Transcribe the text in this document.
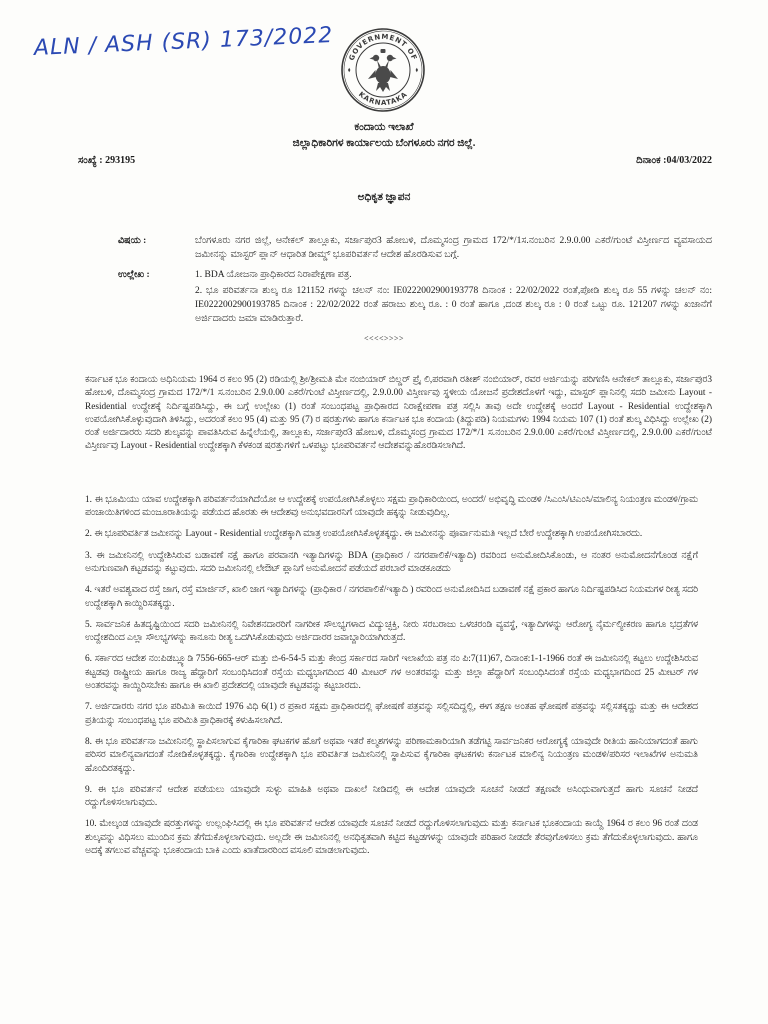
ALN / ASH (SR) 173/2022 GOVERNMENT OF
KARNATAKA
ಕಂದಾಯ ಇಲಾಖೆ
ಜಿಲ್ಲಾಧಿಕಾರಿಗಳ ಕಾರ್ಯಾಲಯ ಬೆಂಗಳೂರು ನಗರ ಜಿಲ್ಲೆ.
ಸಂಖ್ಯೆ : 293195	ದಿನಾಂಕ :04/03/2022
ಅಧಿಕೃತ ಜ್ಞಾಪನ
ವಿಷಯ :	ಬೆಂಗಳೂರು ನಗರ ಜಿಲ್ಲೆ, ಆನೇಕಲ್ ತಾಲ್ಲೂಕು, ಸರ್ಜಾಪುರ3 ಹೋಬಳಿ, ದೊಮ್ಮಸಂದ್ರ ಗ್ರಾಮದ 172/*/1ಸ.ನಂಬರಿನ 2.9.0.00 ಎಕರೆ/ಗುಂಟೆ ವಿಸ್ತೀರ್ಣದ ವ್ಯವಸಾಯದ ಜಮೀನನ್ನು ಮಾಸ್ಟರ್ ಪ್ಲಾನ್ ಆಧಾರಿತ ಡೀಮ್ಡ್ ಭೂಪರಿವರ್ತನೆ ಆದೇಶ ಹೊರಡಿಸುವ ಬಗ್ಗೆ.
ಉಲ್ಲೇಖ :	1. BDA ಯೋಜನಾ ಪ್ರಾಧಿಕಾರದ ನಿರಾಪೇಕ್ಷಣಾ ಪತ್ರ.

2. ಭೂ ಪರಿವರ್ತನಾ ಶುಲ್ಕ ರೂ 121152 ಗಳನ್ನು ಚಲನ್ ನಂ: IE0222002900193778 ದಿನಾಂಕ : 22/02/2022 ರಂತೆ,ಪೋಡಿ ಶುಲ್ಕ ರೂ 55 ಗಳನ್ನು ಚಲನ್ ನಂ: IE0222002900193785 ದಿನಾಂಕ : 22/02/2022 ರಂತೆ ಹರಾಜು ಶುಲ್ಕ ರೂ. : 0 ರಂತೆ ಹಾಗೂ ,ದಂಡ ಶುಲ್ಕ ರೂ : 0 ರಂತೆ ಒಟ್ಟು ರೂ. 121207 ಗಳನ್ನು ಖಜಾನೆಗೆ ಅರ್ಜಿದಾದರು ಜಮಾ ಮಾಡಿರುತ್ತಾರೆ.

<<<<>>>>

ಕರ್ನಾಟಕ ಭೂ ಕಂದಾಯ ಅಧಿನಿಯಮ 1964 ರ ಕಲಂ 95 (2) ರಡಿಯಲ್ಲಿ ಶ್ರೀ/ಶ್ರೀಮತಿ ಮೇ ನಂಬಿಯಾರ್ ಬಿಲ್ಡರ್ ಪ್ರೈ ಲಿ,ಪರವಾಗಿ ರತೀಶ್ ನಂಬಿಯಾರ್, ರವರ ಅರ್ಜಿಯನ್ನು ಪರಿಗಣಿಸಿ ಆನೇಕಲ್ ತಾಲ್ಲೂಕು, ಸರ್ಜಾಪುರ3 ಹೋಬಳಿ, ದೊಮ್ಮಸಂದ್ರ ಗ್ರಾಮದ 172/*/1 ಸ.ನಂಬರಿನ 2.9.0.00 ಎಕರೆ/ಗುಂಟೆ ವಿಸ್ತೀರ್ಣದಲ್ಲಿ, 2.9.0.00 ವಿಸ್ತೀರ್ಣವು ಸ್ಥಳೀಯ ಯೋಜನೆ ಪ್ರದೇಶದೊಳಗೆ ಇದ್ದು, ಮಾಸ್ಟರ್ ಪ್ಲಾನಿನಲ್ಲಿ ಸದರಿ ಜಮೀನು Layout - Residential ಉದ್ದೇಶಕ್ಕೆ ನಿರ್ದಿಷ್ಟಪಡಿಸಿದ್ದು, ಈ ಬಗ್ಗೆ ಉಲ್ಲೇಖ (1) ರಂತೆ ಸಂಬಂಧಪಟ್ಟ ಪ್ರಾಧಿಕಾರದ ನಿರಾಕ್ಷೇಪಣಾ ಪತ್ರ ಸಲ್ಲಿಸಿ ತಾವು ಅದೇ ಉದ್ದೇಶಕ್ಕೆ ಅಂದರೆ Layout - Residential ಉದ್ದೇಶಕ್ಕಾಗಿ ಉಪಯೋಗಿಸಿಕೊಳ್ಳುವುದಾಗಿ ತಿಳಿಸಿದ್ದು, ಅದರಂತೆ ಕಲಂ 95 (4) ಮತ್ತು 95 (7) ರ ಷರತ್ತುಗಳು ಹಾಗೂ ಕರ್ನಾಟಕ ಭೂ ಕಂದಾಯ (ತಿದ್ದುಪಡಿ) ನಿಯಮಗಳು 1994 ನಿಯಮ 107 (1) ರಂತೆ ಶುಲ್ಕ ವಿಧಿಸಿದ್ದು ಉಲ್ಲೇಖ (2) ರಂತೆ ಅರ್ಜಿದಾರರು ಸದರಿ ಶುಲ್ಕವನ್ನು ಪಾವತಿಸಿರುವ ಹಿನ್ನೆಲೆಯಲ್ಲಿ, ತಾಲ್ಲೂಕು, ಸರ್ಜಾಪುರ3 ಹೋಬಳಿ, ದೊಮ್ಮಸಂದ್ರ ಗ್ರಾಮದ 172/*/1 ಸ.ನಂಬರಿನ 2.9.0.00 ಎಕರೆ/ಗುಂಟೆ ವಿಸ್ತೀರ್ಣದಲ್ಲಿ, 2.9.0.00 ಎಕರೆ/ಗುಂಟೆ ವಿಸ್ತೀರ್ಣವು Layout - Residential ಉದ್ದೇಶಕ್ಕಾಗಿ ಕೆಳಕಂಡ ಷರತ್ತುಗಳಿಗೆ ಒಳಪಟ್ಟು ಭೂಪರಿವರ್ತನೆ ಆದೇಶವನ್ನುಹೊರಡಿಸಲಾಗಿದೆ.

1. ಈ ಭೂಮಿಯು ಯಾವ ಉದ್ದೇಶಕ್ಕಾಗಿ ಪರಿವರ್ತನೆಯಾಗಿದೆಯೋ ಆ ಉದ್ದೇಶಕ್ಕೆ ಉಪಯೋಗಿಸಿಕೊಳ್ಳಲು ಸಕ್ಷಮ ಪ್ರಾಧಿಕಾರಿಯಿಂದ, ಅಂದರೆ/ ಅಭಿವೃದ್ಧಿ ಮಂಡಳಿ /ಸಿಎಂಸಿ/ಟಿಎಂಸಿ/ಮಾಲಿನ್ಯ ನಿಯಂತ್ರಣ ಮಂಡಳಿ/ಗ್ರಾಮ ಪಂಚಾಯಿತಿಗಳಿಂದ ಮಂಜೂರಾತಿಯನ್ನು ಪಡೆಯದ ಹೊರತು ಈ ಆದೇಶವು ಅನುಭವದಾರನಿಗೆ ಯಾವುದೇ ಹಕ್ಕನ್ನು ನೀಡುವುದಿಲ್ಲ.

2. ಈ ಭೂಪರಿವರ್ತಿತ ಜಮೀನನ್ನು Layout - Residential ಉದ್ದೇಶಕ್ಕಾಗಿ ಮಾತ್ರ ಉಪಯೋಗಿಸಿಕೊಳ್ಳತಕ್ಕದ್ದು. ಈ ಜಮೀನನ್ನು ಪೂರ್ವಾನುಮತಿ ಇಲ್ಲದೆ ಬೇರೆ ಉದ್ದೇಶಕ್ಕಾಗಿ ಉಪಯೋಗಿಸಬಾರದು.

3. ಈ ಜಮೀನಿನಲ್ಲಿ ಉದ್ದೇಶಿಸಿರುವ ಬಡಾವಣೆ ನಕ್ಷೆ ಹಾಗೂ ಪರವಾನಗಿ ಇತ್ಯಾದಿಗಳನ್ನು BDA (ಪ್ರಾಧಿಕಾರ / ನಗರಪಾಲಿಕೆ/ಇತ್ಯಾದಿ) ರವರಿಂದ ಅನುಮೋದಿಸಿಕೊಂಡು, ಆ ನಂತರ ಅನುಮೋದನೆಗೊಂಡ ನಕ್ಷೆಗೆ ಅನುಗುಣವಾಗಿ ಕಟ್ಟಡವನ್ನು ಕಟ್ಟುವುದು. ಸದರಿ ಜಮೀನಿನಲ್ಲಿ ಲೇಔಟ್ ಪ್ಲಾನಿಗೆ ಅನುಮೋದನೆ ಪಡೆಯದೆ ಪರಬಾರೆ ಮಾಡಕೂಡದು

4. ಇತರೆ ಅವಶ್ಯವಾದ ರಸ್ತೆ ಜಾಗ, ರಸ್ತೆ ಮಾರ್ಜಿನ್, ಖಾಲಿ ಜಾಗ ಇತ್ಯಾದಿಗಳನ್ನು (ಪ್ರಾಧಿಕಾರ / ನಗರಪಾಲಿಕೆ/ಇತ್ಯಾದಿ ) ರವರಿಂದ ಅನುಮೋದಿಸಿದ ಬಡಾವಣೆ ನಕ್ಷೆ ಪ್ರಕಾರ ಹಾಗೂ ನಿರ್ದಿಷ್ಟಪಡಿಸಿದ ನಿಯಮಗಳ ರೀತ್ಯ ಸದರಿ ಉದ್ದೇಶಕ್ಕಾಗಿ ಕಾಯ್ದಿರಿಸತಕ್ಕದ್ದು.

5. ಸಾರ್ವಜನಿಕ ಹಿತದೃಷ್ಟಿಯಿಂದ ಸದರಿ ಜಮೀನಿನಲ್ಲಿ ನಿವೇಶನದಾರರಿಗೆ ನಾಗರೀಕ ಸೌಲಭ್ಯಗಳಾದ ವಿದ್ಯುಚ್ಛಕ್ತಿ, ನೀರು ಸರಬರಾಜು ಒಳಚರಂಡಿ ವ್ಯವಸ್ಥೆ, ಇತ್ಯಾದಿಗಳನ್ನು ಆರೋಗ್ಯ ನೈರ್ಮಲ್ಯೀಕರಣ ಹಾಗೂ ಭದ್ರತೆಗಳ ಉದ್ದೇಶದಿಂದ ಎಲ್ಲಾ ಸೌಲಭ್ಯಗಳನ್ನು ಕಾನೂನು ರೀತ್ಯ ಒದಗಿಸಿಕೊಡುವುದು ಅರ್ಜಿದಾರರ ಜವಾಬ್ದಾರಿಯಾಗಿರುತ್ತದೆ.

6. ಸರ್ಕಾರದ ಆದೇಶ ನಂ:ಪಿಡಬ್ಲ್ಯೂಡಿ 7556-665-ಆರ್ ಮತ್ತು ಬಿ-6-54-5 ಮತ್ತು ಕೇಂದ್ರ ಸರ್ಕಾರದ ಸಾರಿಗೆ ಇಲಾಖೆಯ ಪತ್ರ ನಂ ಪಿ:7(11)67, ದಿನಾಂಕ:1-1-1966 ರಂತೆ ಈ ಜಮೀನಿನಲ್ಲಿ ಕಟ್ಟಲು ಉದ್ದೇಶಿಸಿರುವ ಕಟ್ಟಡವು ರಾಷ್ಟ್ರೀಯ ಹಾಗೂ ರಾಜ್ಯ ಹೆದ್ದಾರಿಗೆ ಸಂಬಂಧಿಸಿದಂತೆ ರಸ್ತೆಯ ಮಧ್ಯಭಾಗದಿಂದ 40 ಮೀಟರ್ ಗಳ ಅಂತರವನ್ನು ಮತ್ತು ಜಿಲ್ಲಾ ಹೆದ್ದಾರಿಗೆ ಸಂಬಂಧಿಸಿದಂತೆ ರಸ್ತೆಯ ಮಧ್ಯಭಾಗದಿಂದ 25 ಮೀಟರ್ ಗಳ ಅಂತರವನ್ನು ಕಾಯ್ದಿರಿಸಬೇಕು ಹಾಗೂ ಈ ಖಾಲಿ ಪ್ರದೇಶದಲ್ಲಿ ಯಾವುದೇ ಕಟ್ಟಡವನ್ನು ಕಟ್ಟಬಾರದು.

7. ಅರ್ಜಿದಾರರು ನಗರ ಭೂ ಪರಿಮಿತಿ ಕಾಯಿದೆ 1976 ವಿಧಿ 6(1) ರ ಪ್ರಕಾರ ಸಕ್ಷಮ ಪ್ರಾಧಿಕಾರದಲ್ಲಿ ಘೋಷಣೆ ಪತ್ರವನ್ನು ಸಲ್ಲಿಸದಿದ್ದಲ್ಲಿ, ಈಗ ತಕ್ಷಣ ಅಂತಹ ಘೋಷಣೆ ಪತ್ರವನ್ನು ಸಲ್ಲಿಸತಕ್ಕದ್ದು ಮತ್ತು ಈ ಆದೇಶದ ಪ್ರತಿಯನ್ನು ಸಂಬಂಧಪಟ್ಟ ಭೂ ಪರಿಮಿತಿ ಪ್ರಾಧಿಕಾರಕ್ಕೆ ಕಳುಹಿಸಲಾಗಿದೆ.

8. ಈ ಭೂ ಪರಿವರ್ತನಾ ಜಮೀನಿನಲ್ಲಿ ಸ್ಥಾಪಿಸಲಾಗುವ ಕೈಗಾರಿಕಾ ಘಟಕಗಳ ಹೊಗೆ ಅಥವಾ ಇತರೆ ಕಲ್ಮಶಗಳನ್ನು ಪರಿಣಾಮಕಾರಿಯಾಗಿ ತಡೆಗಟ್ಟಿ ಸಾರ್ವಜನಿಕರ ಆರೋಗ್ಯಕ್ಕೆ ಯಾವುದೇ ರೀತಿಯ ಹಾನಿಯಾಗದಂತೆ ಹಾಗು ಪರಿಸರ ಮಾಲಿನ್ಯವಾಗದಂತೆ ನೋಡಿಕೊಳ್ಳತಕ್ಕದ್ದು. ಕೈಗಾರಿಕಾ ಉದ್ದೇಶಕ್ಕಾಗಿ ಭೂ ಪರಿವರ್ತಿತ ಜಮೀನಿನಲ್ಲಿ ಸ್ಥಾಪಿಸುವ ಕೈಗಾರಿಕಾ ಘಟಕಗಳು ಕರ್ನಾಟಕ ಮಾಲಿನ್ಯ ನಿಯಂತ್ರಣ ಮಂಡಳಿ/ಪರಿಸರ ಇಲಾಖೆಗಳ ಅನುಮತಿ ಹೊಂದಿರತಕ್ಕದ್ದು.

9. ಈ ಭೂ ಪರಿವರ್ತನೆ ಆದೇಶ ಪಡೆಯಲು ಯಾವುದೇ ಸುಳ್ಳು ಮಾಹಿತಿ ಅಥವಾ ದಾಖಲೆ ನೀಡಿದಲ್ಲಿ ಈ ಆದೇಶ ಯಾವುದೇ ಸೂಚನೆ ನೀಡದೆ ತಕ್ಷಣವೇ ಅಸಿಂಧುವಾಗುತ್ತದೆ ಹಾಗು ಸೂಚನೆ ನೀಡದೆ ರದ್ದುಗೊಳಿಸಲಾಗುವುದು.

10. ಮೇಲ್ಕಂಡ ಯಾವುದೇ ಷರತ್ತುಗಳನ್ನು ಉಲ್ಲಂಘಿಸಿದಲ್ಲಿ ಈ ಭೂ ಪರಿವರ್ತನೆ ಆದೇಶ ಯಾವುದೇ ಸೂಚನೆ ನೀಡದೆ ರದ್ದುಗೊಳಿಸಲಾಗುವುದು ಮತ್ತು ಕರ್ನಾಟಕ ಭೂಕಂದಾಯ ಕಾಯ್ದೆ 1964 ರ ಕಲಂ 96 ರಂತೆ ದಂಡ ಶುಲ್ಕವನ್ನು ವಿಧಿಸಲು ಮುಂದಿನ ಕ್ರಮ ತೆಗೆದುಕೊಳ್ಳಲಾಗುವುದು. ಅಲ್ಲದೇ ಈ ಜಮೀನಿನಲ್ಲಿ ಅನಧಿಕೃತವಾಗಿ ಕಟ್ಟಿದ ಕಟ್ಟಡಗಳನ್ನು ಯಾವುದೇ ಪರಿಹಾರ ನೀಡದೇ ತೆರವುಗೊಳಿಸಲು ಕ್ರಮ ತೆಗೆದುಕೊಳ್ಳಲಾಗುವುದು. ಹಾಗೂ ಅದಕ್ಕೆ ತಗಲುವ ವೆಚ್ಚವನ್ನು ಭೂಕಂದಾಯ ಬಾಕಿ ಎಂದು ಖಾತೆದಾರರಿಂದ ವಸೂಲಿ ಮಾಡಲಾಗುವುದು.
